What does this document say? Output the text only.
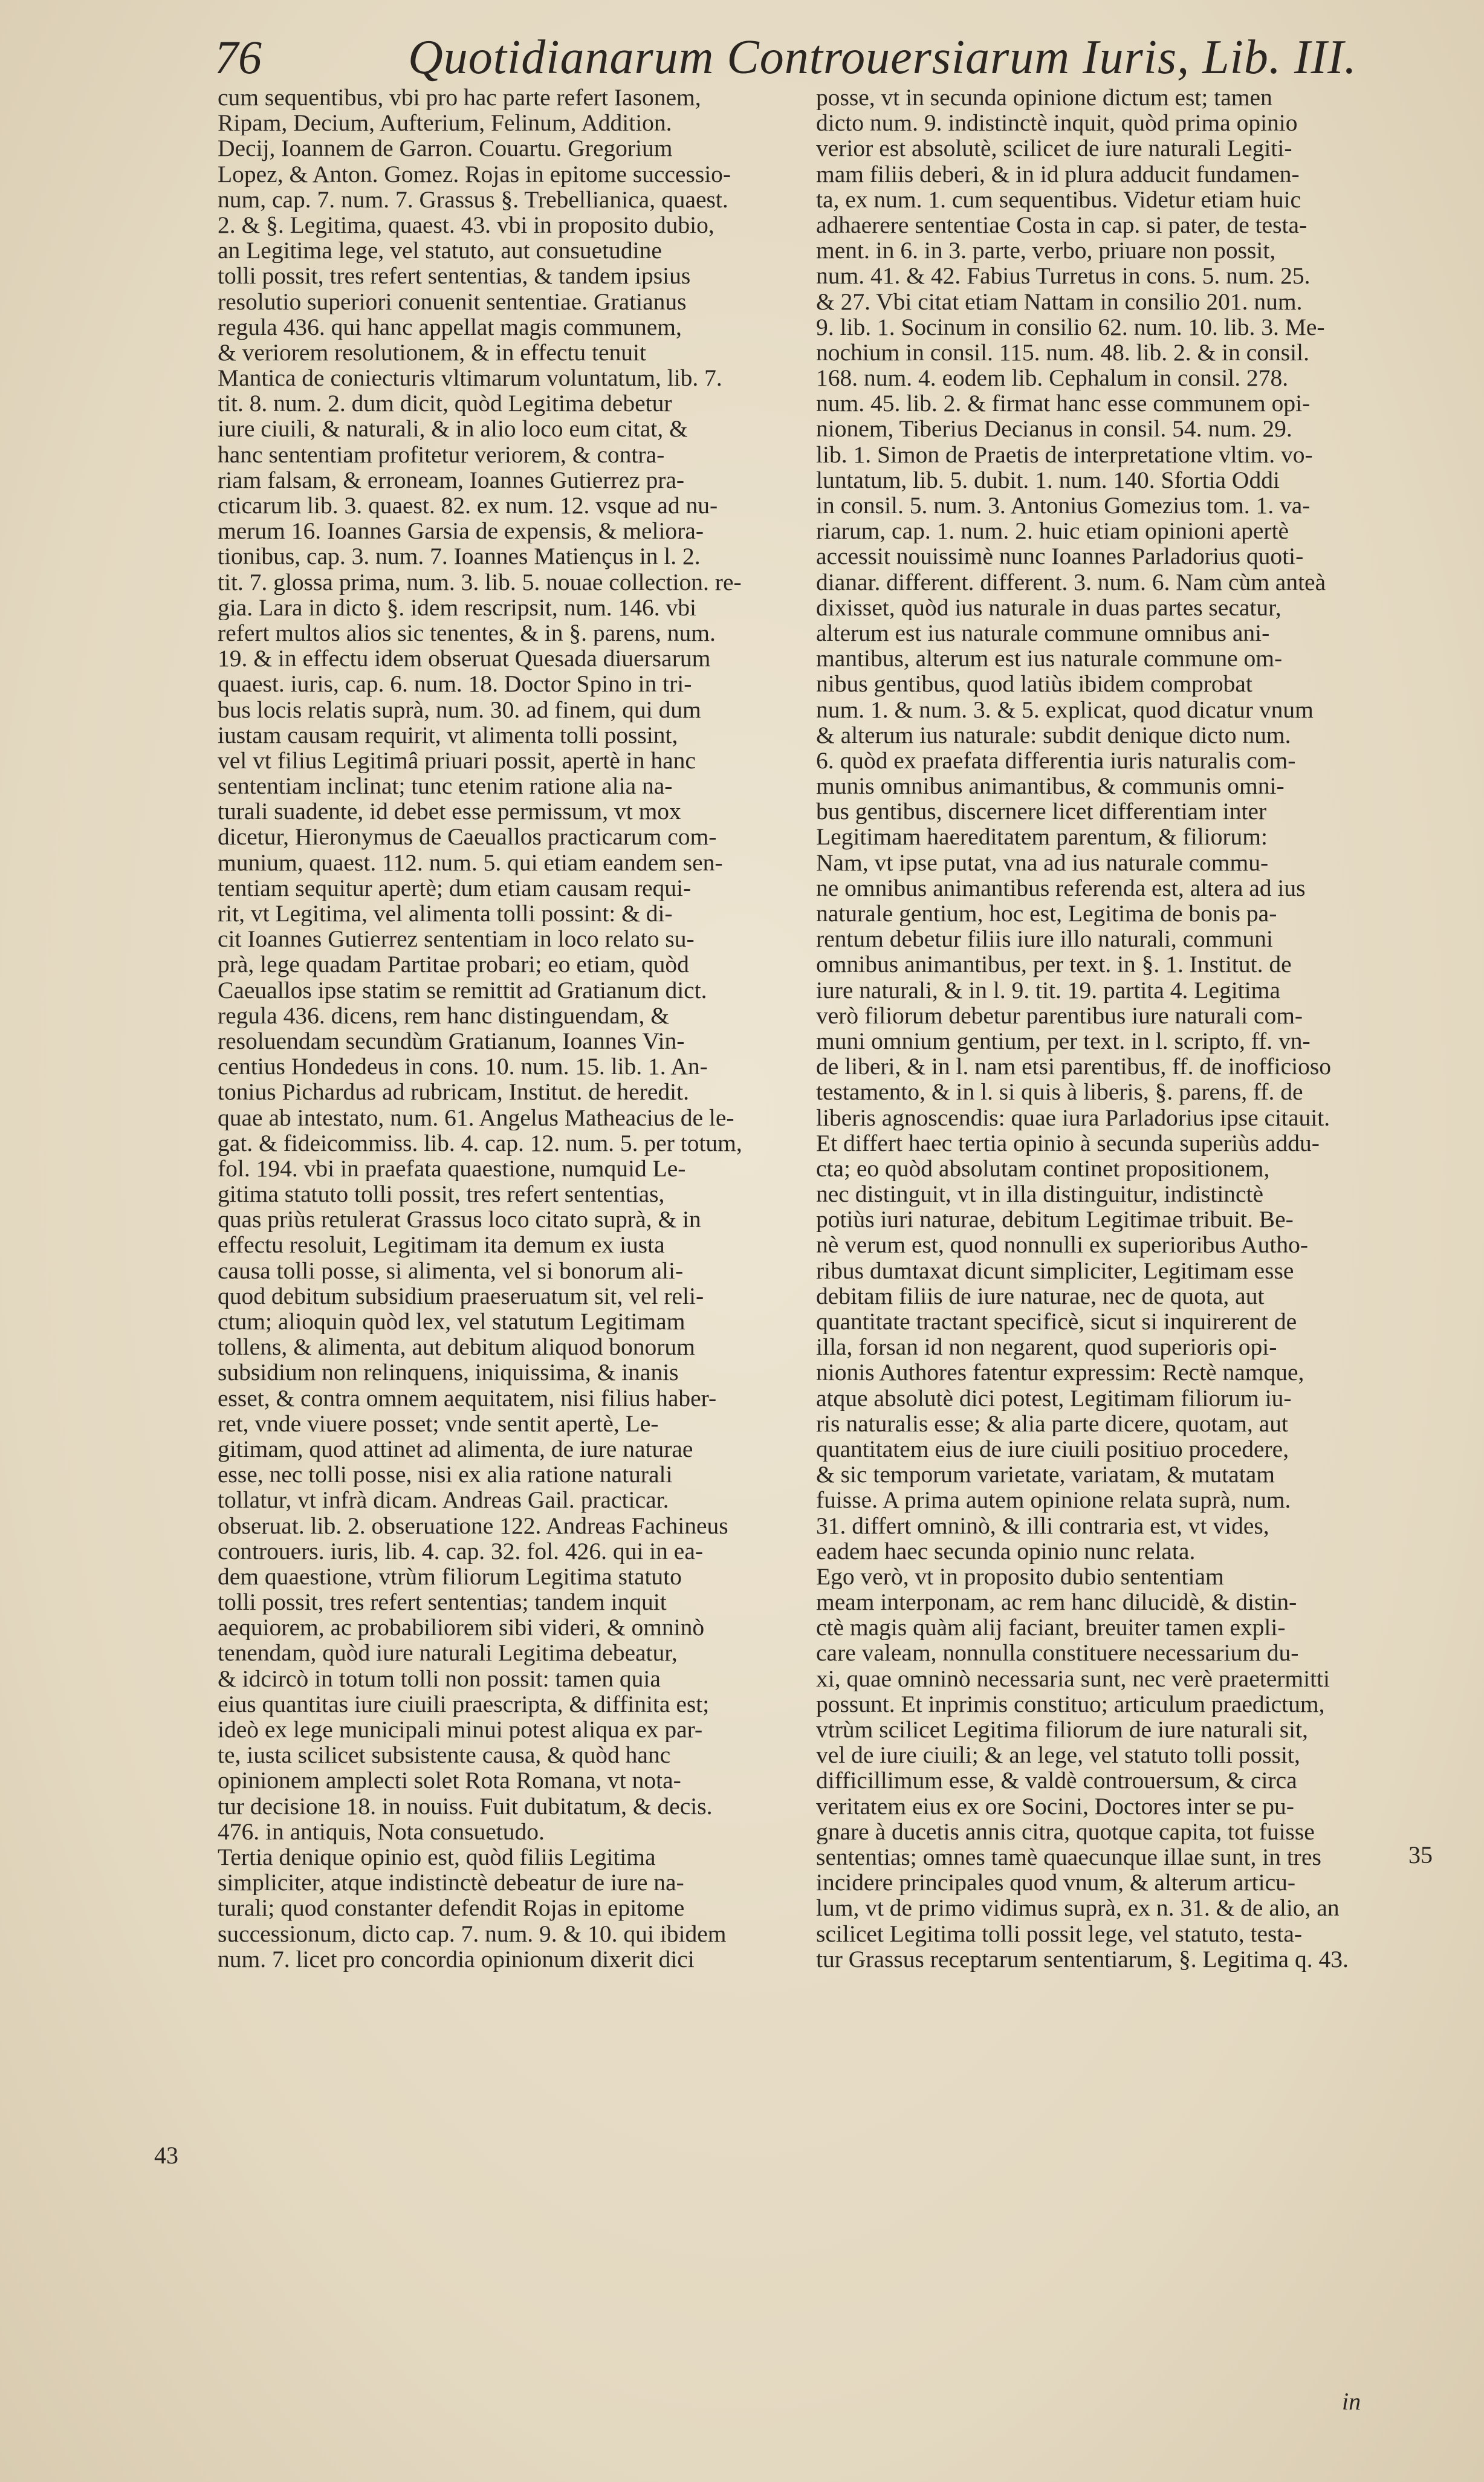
76	Quotidianarum Controuersiarum Iuris, Lib. III.
cum sequentibus, vbi pro hac parte refert Iasonem,
Ripam, Decium, Aufterium, Felinum, Addition.
Decij, Ioannem de Garron. Couartu. Gregorium
Lopez, & Anton. Gomez. Rojas in epitome successio-
num, cap. 7. num. 7. Grassus §. Trebellianica, quaest.
2. & §. Legitima, quaest. 43. vbi in proposito dubio,
an Legitima lege, vel statuto, aut consuetudine
tolli possit, tres refert sententias, & tandem ipsius
resolutio superiori conuenit sententiae. Gratianus
regula 436. qui hanc appellat magis communem,
& veriorem resolutionem, & in effectu tenuit
Mantica de coniecturis vltimarum voluntatum, lib. 7.
tit. 8. num. 2. dum dicit, quòd Legitima debetur
iure ciuili, & naturali, & in alio loco eum citat, &
hanc sententiam profitetur veriorem, & contra-
riam falsam, & erroneam, Ioannes Gutierrez pra-
cticarum lib. 3. quaest. 82. ex num. 12. vsque ad nu-
merum 16. Ioannes Garsia de expensis, & meliora-
tionibus, cap. 3. num. 7. Ioannes Matiençus in l. 2.
tit. 7. glossa prima, num. 3. lib. 5. nouae collection. re-
gia. Lara in dicto §. idem rescripsit, num. 146. vbi
refert multos alios sic tenentes, & in §. parens, num.
19. & in effectu idem obseruat Quesada diuersarum
quaest. iuris, cap. 6. num. 18. Doctor Spino in tri-
bus locis relatis suprà, num. 30. ad finem, qui dum
iustam causam requirit, vt alimenta tolli possint,
vel vt filius Legitimâ priuari possit, apertè in hanc
sententiam inclinat; tunc etenim ratione alia na-
turali suadente, id debet esse permissum, vt mox
dicetur, Hieronymus de Caeuallos practicarum com-
munium, quaest. 112. num. 5. qui etiam eandem sen-
tentiam sequitur apertè; dum etiam causam requi-
rit, vt Legitima, vel alimenta tolli possint: & di-
cit Ioannes Gutierrez sententiam in loco relato su-
prà, lege quadam Partitae probari; eo etiam, quòd
Caeuallos ipse statim se remittit ad Gratianum dict.
regula 436. dicens, rem hanc distinguendam, &
resoluendam secundùm Gratianum, Ioannes Vin-
centius Hondedeus in cons. 10. num. 15. lib. 1. An-
tonius Pichardus ad rubricam, Institut. de heredit.
quae ab intestato, num. 61. Angelus Matheacius de le-
gat. & fideicommiss. lib. 4. cap. 12. num. 5. per totum,
fol. 194. vbi in praefata quaestione, numquid Le-
gitima statuto tolli possit, tres refert sententias,
quas priùs retulerat Grassus loco citato suprà, & in
effectu resoluit, Legitimam ita demum ex iusta
causa tolli posse, si alimenta, vel si bonorum ali-
quod debitum subsidium praeseruatum sit, vel reli-
ctum; alioquin quòd lex, vel statutum Legitimam
tollens, & alimenta, aut debitum aliquod bonorum
subsidium non relinquens, iniquissima, & inanis
esset, & contra omnem aequitatem, nisi filius haber-
ret, vnde viuere posset; vnde sentit apertè, Le-
gitimam, quod attinet ad alimenta, de iure naturae
esse, nec tolli posse, nisi ex alia ratione naturali
tollatur, vt infrà dicam. Andreas Gail. practicar.
obseruat. lib. 2. obseruatione 122. Andreas Fachineus
controuers. iuris, lib. 4. cap. 32. fol. 426. qui in ea-
dem quaestione, vtrùm filiorum Legitima statuto
tolli possit, tres refert sententias; tandem inquit
aequiorem, ac probabiliorem sibi videri, & omninò
tenendam, quòd iure naturali Legitima debeatur,
& idcircò in totum tolli non possit: tamen quia
eius quantitas iure ciuili praescripta, & diffinita est;
ideò ex lege municipali minui potest aliqua ex par-
te, iusta scilicet subsistente causa, & quòd hanc
opinionem amplecti solet Rota Romana, vt nota-
tur decisione 18. in nouiss. Fuit dubitatum, & decis.
476. in antiquis, Nota consuetudo.
Tertia denique opinio est, quòd filiis Legitima
simpliciter, atque indistinctè debeatur de iure na-
turali; quod constanter defendit Rojas in epitome
successionum, dicto cap. 7. num. 9. & 10. qui ibidem
num. 7. licet pro concordia opinionum dixerit dici
posse, vt in secunda opinione dictum est; tamen
dicto num. 9. indistinctè inquit, quòd prima opinio
verior est absolutè, scilicet de iure naturali Legiti-
mam filiis deberi, & in id plura adducit fundamen-
ta, ex num. 1. cum sequentibus. Videtur etiam huic
adhaerere sententiae Costa in cap. si pater, de testa-
ment. in 6. in 3. parte, verbo, priuare non possit,
num. 41. & 42. Fabius Turretus in cons. 5. num. 25.
& 27. Vbi citat etiam Nattam in consilio 201. num.
9. lib. 1. Socinum in consilio 62. num. 10. lib. 3. Me-
nochium in consil. 115. num. 48. lib. 2. & in consil.
168. num. 4. eodem lib. Cephalum in consil. 278.
num. 45. lib. 2. & firmat hanc esse communem opi-
nionem, Tiberius Decianus in consil. 54. num. 29.
lib. 1. Simon de Praetis de interpretatione vltim. vo-
luntatum, lib. 5. dubit. 1. num. 140. Sfortia Oddi
in consil. 5. num. 3. Antonius Gomezius tom. 1. va-
riarum, cap. 1. num. 2. huic etiam opinioni apertè
accessit nouissimè nunc Ioannes Parladorius quoti-
dianar. different. different. 3. num. 6. Nam cùm anteà
dixisset, quòd ius naturale in duas partes secatur,
alterum est ius naturale commune omnibus ani-
mantibus, alterum est ius naturale commune om-
nibus gentibus, quod latiùs ibidem comprobat
num. 1. & num. 3. & 5. explicat, quod dicatur vnum
& alterum ius naturale: subdit denique dicto num.
6. quòd ex praefata differentia iuris naturalis com-
munis omnibus animantibus, & communis omni-
bus gentibus, discernere licet differentiam inter
Legitimam haereditatem parentum, & filiorum:
Nam, vt ipse putat, vna ad ius naturale commu-
ne omnibus animantibus referenda est, altera ad ius
naturale gentium, hoc est, Legitima de bonis pa-
rentum debetur filiis iure illo naturali, communi
omnibus animantibus, per text. in §. 1. Institut. de
iure naturali, & in l. 9. tit. 19. partita 4. Legitima
verò filiorum debetur parentibus iure naturali com-
muni omnium gentium, per text. in l. scripto, ff. vn-
de liberi, & in l. nam etsi parentibus, ff. de inofficioso
testamento, & in l. si quis à liberis, §. parens, ff. de
liberis agnoscendis: quae iura Parladorius ipse citauit.
Et differt haec tertia opinio à secunda superiùs addu-
cta; eo quòd absolutam continet propositionem,
nec distinguit, vt in illa distinguitur, indistinctè
potiùs iuri naturae, debitum Legitimae tribuit. Be-
nè verum est, quod nonnulli ex superioribus Autho-
ribus dumtaxat dicunt simpliciter, Legitimam esse
debitam filiis de iure naturae, nec de quota, aut
quantitate tractant specificè, sicut si inquirerent de
illa, forsan id non negarent, quod superioris opi-
nionis Authores fatentur expressim: Rectè namque,
atque absolutè dici potest, Legitimam filiorum iu-
ris naturalis esse; & alia parte dicere, quotam, aut
quantitatem eius de iure ciuili positiuo procedere,
& sic temporum varietate, variatam, & mutatam
fuisse. A prima autem opinione relata suprà, num.
31. differt omninò, & illi contraria est, vt vides,
eadem haec secunda opinio nunc relata.
Ego verò, vt in proposito dubio sententiam
meam interponam, ac rem hanc dilucidè, & distin-
ctè magis quàm alij faciant, breuiter tamen expli-
care valeam, nonnulla constituere necessarium du-
xi, quae omninò necessaria sunt, nec verè praetermitti
possunt. Et inprimis constituo; articulum praedictum,
vtrùm scilicet Legitima filiorum de iure naturali sit,
vel de iure ciuili; & an lege, vel statuto tolli possit,
difficillimum esse, & valdè controuersum, & circa
veritatem eius ex ore Socini, Doctores inter se pu-
gnare à ducetis annis citra, quotque capita, tot fuisse
sententias; omnes tamè quaecunque illae sunt, in tres
incidere principales quod vnum, & alterum articu-
lum, vt de primo vidimus suprà, ex n. 31. & de alio, an
scilicet Legitima tolli possit lege, vel statuto, testa-
tur Grassus receptarum sententiarum, §. Legitima q. 43.
43
35
in
